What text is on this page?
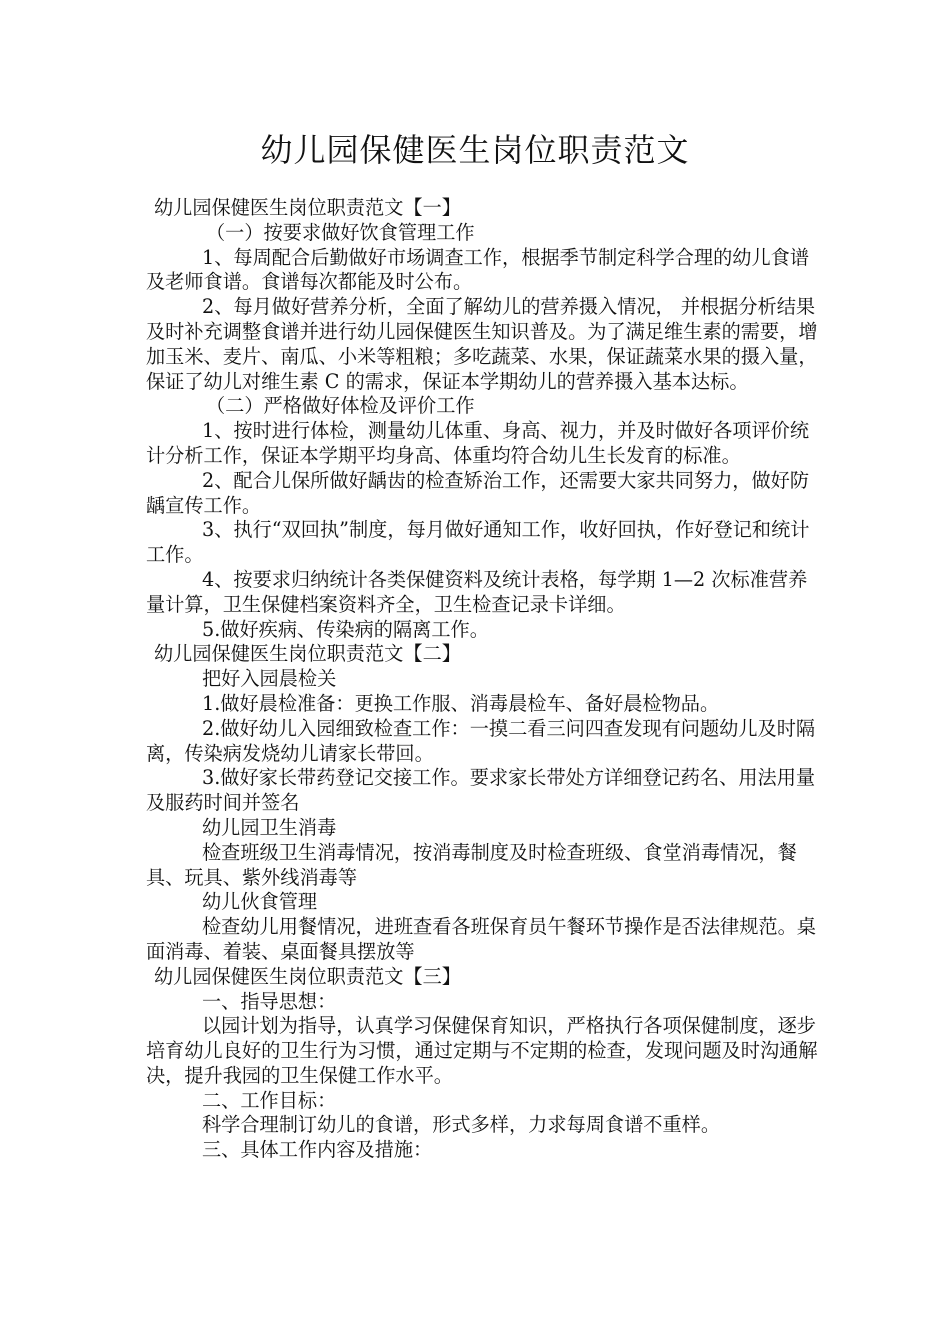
幼儿园保健医生岗位职责范文

幼儿园保健医生岗位职责范文【一】

（一）按要求做好饮食管理工作

1、每周配合后勤做好市场调查工作，根据季节制定科学合理的幼儿食谱及老师食谱。食谱每次都能及时公布。

2、每月做好营养分析，全面了解幼儿的营养摄入情况， 并根据分析结果及时补充调整食谱并进行幼儿园保健医生知识普及。为了满足维生素的需要，增加玉米、麦片、南瓜、小米等粗粮；多吃蔬菜、水果，保证蔬菜水果的摄入量，保证了幼儿对维生素 C 的需求，保证本学期幼儿的营养摄入基本达标。

（二）严格做好体检及评价工作

1、按时进行体检，测量幼儿体重、身高、视力，并及时做好各项评价统计分析工作，保证本学期平均身高、体重均符合幼儿生长发育的标准。

2、配合儿保所做好龋齿的检查矫治工作，还需要大家共同努力，做好防龋宣传工作。

3、执行“双回执”制度，每月做好通知工作，收好回执，作好登记和统计工作。

4、按要求归纳统计各类保健资料及统计表格，每学期 1—2 次标准营养量计算，卫生保健档案资料齐全，卫生检查记录卡详细。

5.做好疾病、传染病的隔离工作。

幼儿园保健医生岗位职责范文【二】

把好入园晨检关

1.做好晨检准备：更换工作服、消毒晨检车、备好晨检物品。

2.做好幼儿入园细致检查工作：一摸二看三问四查发现有问题幼儿及时隔离，传染病发烧幼儿请家长带回。

3.做好家长带药登记交接工作。要求家长带处方详细登记药名、用法用量及服药时间并签名

幼儿园卫生消毒

检查班级卫生消毒情况，按消毒制度及时检查班级、食堂消毒情况，餐具、玩具、紫外线消毒等

幼儿伙食管理

检查幼儿用餐情况，进班查看各班保育员午餐环节操作是否法律规范。桌面消毒、着装、桌面餐具摆放等

幼儿园保健医生岗位职责范文【三】

一、指导思想：

以园计划为指导，认真学习保健保育知识，严格执行各项保健制度，逐步培育幼儿良好的卫生行为习惯，通过定期与不定期的检查，发现问题及时沟通解决，提升我园的卫生保健工作水平。

二、工作目标：

科学合理制订幼儿的食谱，形式多样，力求每周食谱不重样。

三、具体工作内容及措施：
